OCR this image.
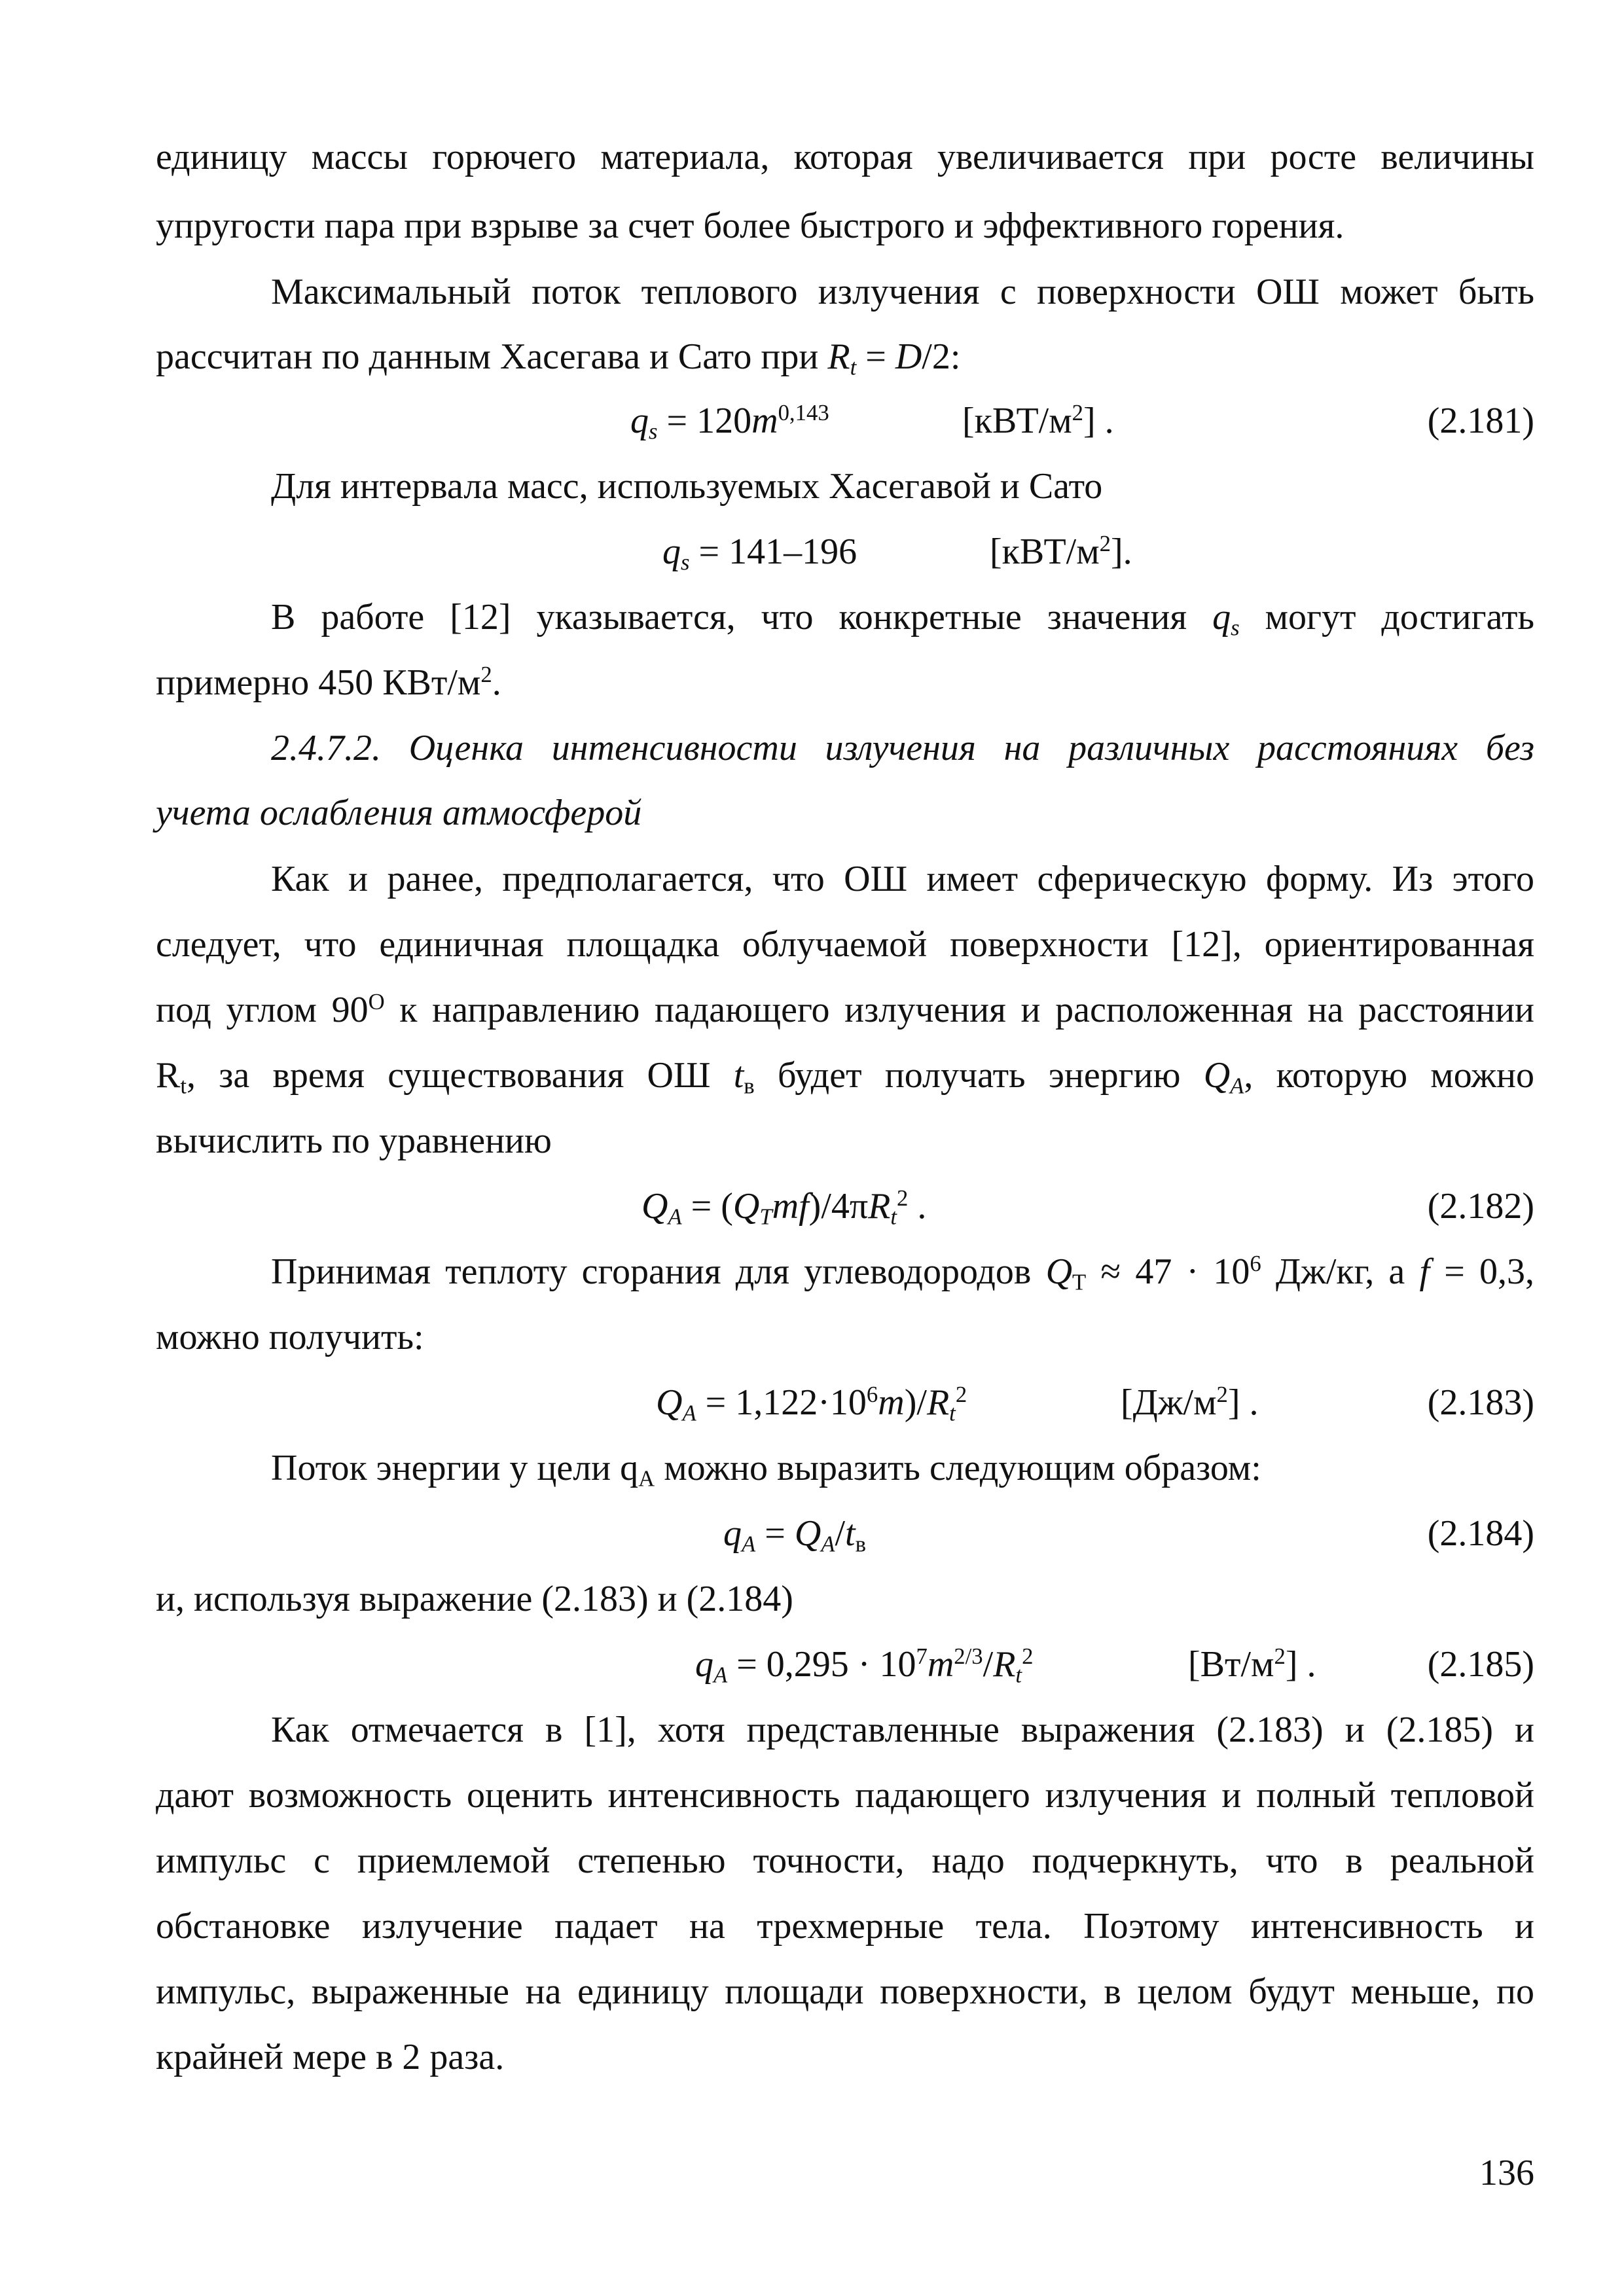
единицу массы горючего материала, которая увеличивается при росте величины
упругости пара при взрыве за счет более быстрого и эффективного горения.
Максимальный поток теплового излучения с поверхности ОШ может быть
рассчитан по данным Хасегава и Сато при $R_t = D/2$:
$q_s = 120m^{0,143}$	$[кВТ/м^2]$ .	(2.181)
Для интервала масс, используемых Хасегавой и Сато
$q_s = 141-196$	$[кВТ/м^2]$.
В работе [12] указывается, что конкретные значения $q_s$ могут достигать
примерно 450 КВт/$м^2$.
2.4.7.2. Оценка интенсивности излучения на различных расстояниях без
учета ослабления атмосферой
Как и ранее, предполагается, что ОШ имеет сферическую форму. Из этого
следует, что единичная площадка облучаемой поверхности [12], ориентированная
под углом $90^O$ к направлению падающего излучения и расположенная на расстоянии
$R_t$, за время существования ОШ $t_в$ будет получать энергию $Q_A$, которую можно
вычислить по уравнению
$Q_A = (Q_Tmf)/4\pi R_t^2$ .	(2.182)
Принимая теплоту сгорания для углеводородов $Q_T \approx 47 \cdot 10^6$ Дж/кг, а f = 0,3,
можно получить:
$Q_A = 1,122\cdot 10^6m)/R_t^2$	$[Дж/м^2]$ .	(2.183)
Поток энергии у цели $q_A$ можно выразить следующим образом:
$q_A = Q_A/t_в$	(2.184)
и, используя выражение (2.183) и (2.184)
$q_A = 0,295 \cdot 10^7m^{2/3}/R_t^2$	$[Вт/м^2]$ .	(2.185)
Как отмечается в [1], хотя представленные выражения (2.183) и (2.185) и
дают возможность оценить интенсивность падающего излучения и полный тепловой
импульс с приемлемой степенью точности, надо подчеркнуть, что в реальной
обстановке излучение падает на трехмерные тела. Поэтому интенсивность и
импульс, выраженные на единицу площади поверхности, в целом будут меньше, по
крайней мере в 2 раза.
136
